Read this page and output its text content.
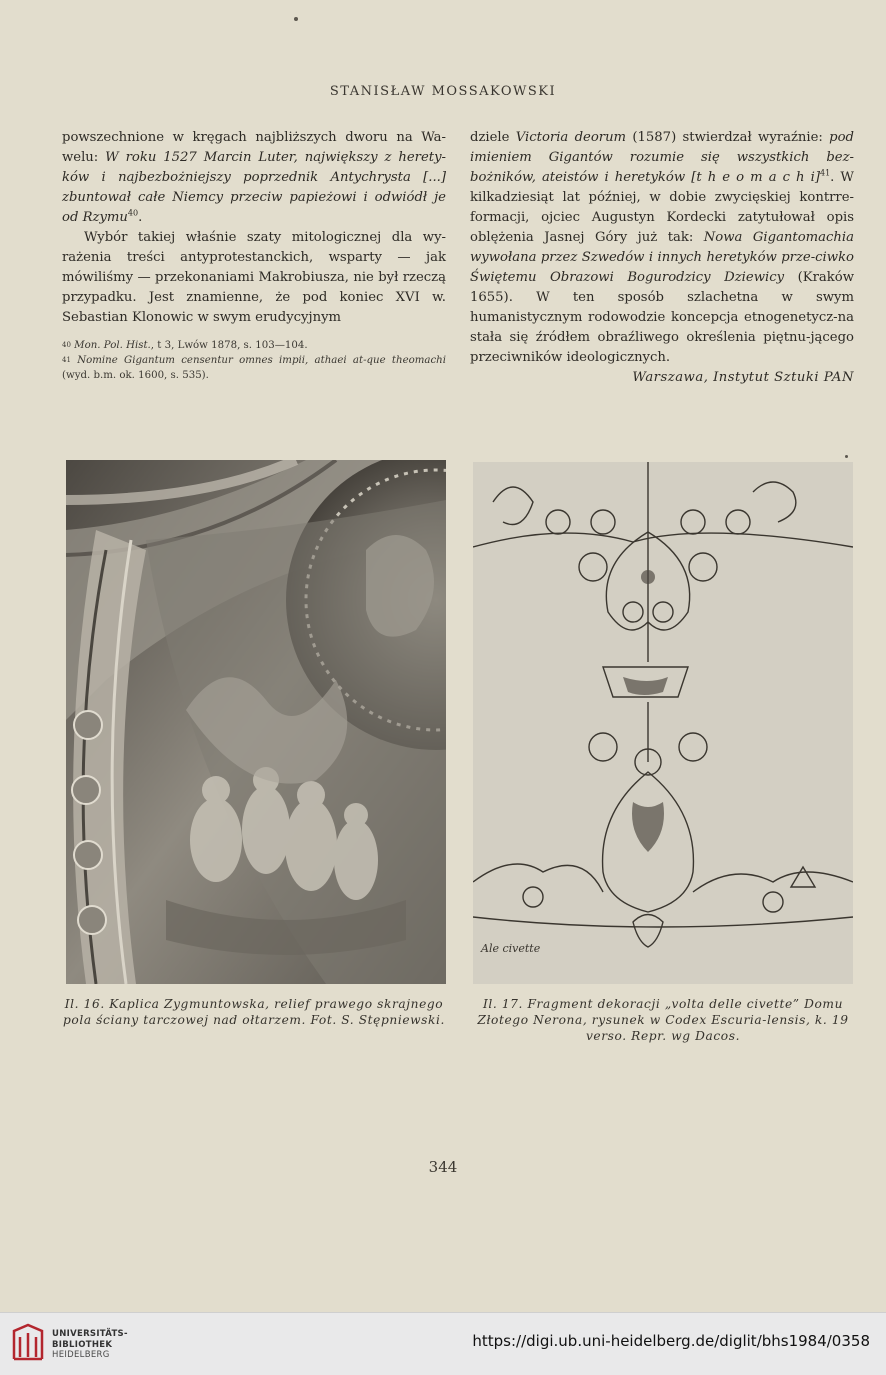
STANISŁAW MOSSAKOWSKI

powszechnione w kręgach najbliższych dworu na Wa-welu: W roku 1527 Marcin Luter, największy z herety-ków i najbezbożniejszy poprzednik Antychrysta [...] zbuntował całe Niemcy przeciw papieżowi i odwiódł je od Rzymu$^{40}$.

Wybór takiej właśnie szaty mitologicznej dla wy-rażenia treści antyprotestanckich, wsparty — jak mówiliśmy — przekonaniami Makrobiusza, nie był rzeczą przypadku. Jest znamienne, że pod koniec XVI w. Sebastian Klonowic w swym erudycyjnym

$^{40}$ Mon. Pol. Hist., t 3, Lwów 1878, s. 103—104.

$^{41}$ Nomine Gigantum censentur omnes impii, athaei at-que theomachi (wyd. b.m. ok. 1600, s. 535).

dziele Victoria deorum (1587) stwierdzał wyraźnie: pod imieniem Gigantów rozumie się wszystkich bez-bożników, ateistów i heretyków [t h e o m a c h i]$^{41}$. W kilkadziesiąt lat później, w dobie zwycięskiej kontrre-formacji, ojciec Augustyn Kordecki zatytułował opis oblężenia Jasnej Góry już tak: Nowa Gigantomachia wywołana przez Szwedów i innych heretyków prze-ciwko Świętemu Obrazowi Bogurodzicy Dziewicy (Kraków 1655). W ten sposób szlachetna w swym humanistycznym rodowodzie koncepcja etnogenetycz-na stała się źródłem obraźliwego określenia piętnu-jącego przeciwników ideologicznych.

Warszawa, Instytut Sztuki PAN

Ale civette
Il. 16. Kaplica Zygmuntowska, relief prawego skrajnego pola ściany tarczowej nad ołtarzem. Fot. S. Stępniewski.
Il. 17. Fragment dekoracji „volta delle civette” Domu Złotego Nerona, rysunek w Codex Escuria-lensis, k. 19 verso. Repr. wg Dacos.
344
UNIVERSITÄTS-
BIBLIOTHEK
HEIDELBERG
https://digi.ub.uni-heidelberg.de/diglit/bhs1984/0358
